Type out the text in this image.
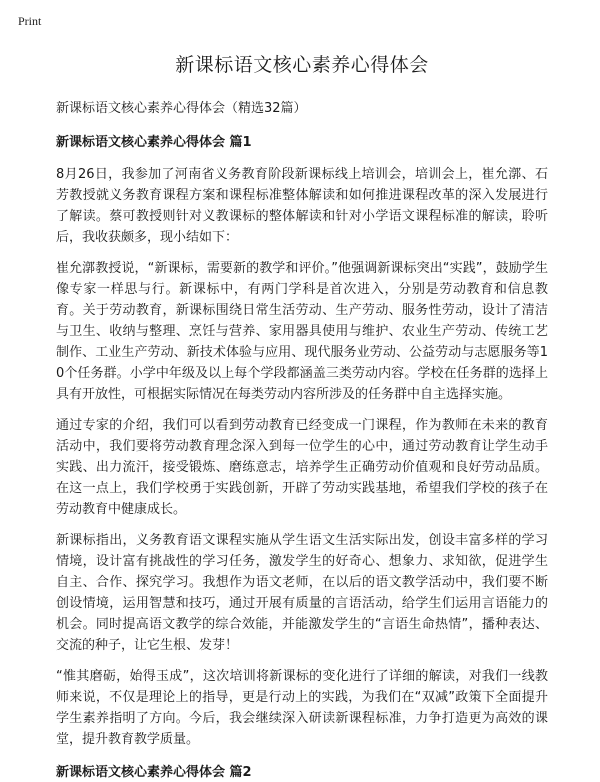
Print
新课标语文核心素养心得体会
新课标语文核心素养心得体会（精选32篇）
新课标语文核心素养心得体会 篇1

8月26日，我参加了河南省义务教育阶段新课标线上培训会，培训会上，崔允漷、石芳教授就义务教育课程方案和课程标准整体解读和如何推进课程改革的深入发展进行了解读。蔡可教授则针对义教课标的整体解读和针对小学语文课程标准的解读，聆听后，我收获颇多，现小结如下：

崔允漷教授说，“新课标，需要新的教学和评价。”他强调新课标突出“实践”，鼓励学生像专家一样思与行。新课标中，有两门学科是首次进入，分别是劳动教育和信息教育。关于劳动教育，新课标围绕日常生活劳动、生产劳动、服务性劳动，设计了清洁与卫生、收纳与整理、烹饪与营养、家用器具使用与维护、农业生产劳动、传统工艺制作、工业生产劳动、新技术体验与应用、现代服务业劳动、公益劳动与志愿服务等10个任务群。小学中年级及以上每个学段都涵盖三类劳动内容。学校在任务群的选择上具有开放性，可根据实际情况在每类劳动内容所涉及的任务群中自主选择实施。

通过专家的介绍，我们可以看到劳动教育已经变成一门课程，作为教师在未来的教育活动中，我们要将劳动教育理念深入到每一位学生的心中，通过劳动教育让学生动手实践、出力流汗，接受锻炼、磨练意志，培养学生正确劳动价值观和良好劳动品质。在这一点上，我们学校勇于实践创新，开辟了劳动实践基地，希望我们学校的孩子在劳动教育中健康成长。

新课标指出，义务教育语文课程实施从学生语文生活实际出发，创设丰富多样的学习情境，设计富有挑战性的学习任务，激发学生的好奇心、想象力、求知欲，促进学生自主、合作、探究学习。我想作为语文老师，在以后的语文教学活动中，我们要不断创设情境，运用智慧和技巧，通过开展有质量的言语活动，给学生们运用言语能力的机会。同时提高语文教学的综合效能，并能激发学生的“言语生命热情”，播种表达、交流的种子，让它生根、发芽！

“惟其磨砺，始得玉成”，这次培训将新课标的变化进行了详细的解读，对我们一线教师来说，不仅是理论上的指导，更是行动上的实践，为我们在“双减”政策下全面提升学生素养指明了方向。今后，我会继续深入研读新课程标准，力争打造更为高效的课堂，提升教育教学质量。

新课标语文核心素养心得体会 篇2
